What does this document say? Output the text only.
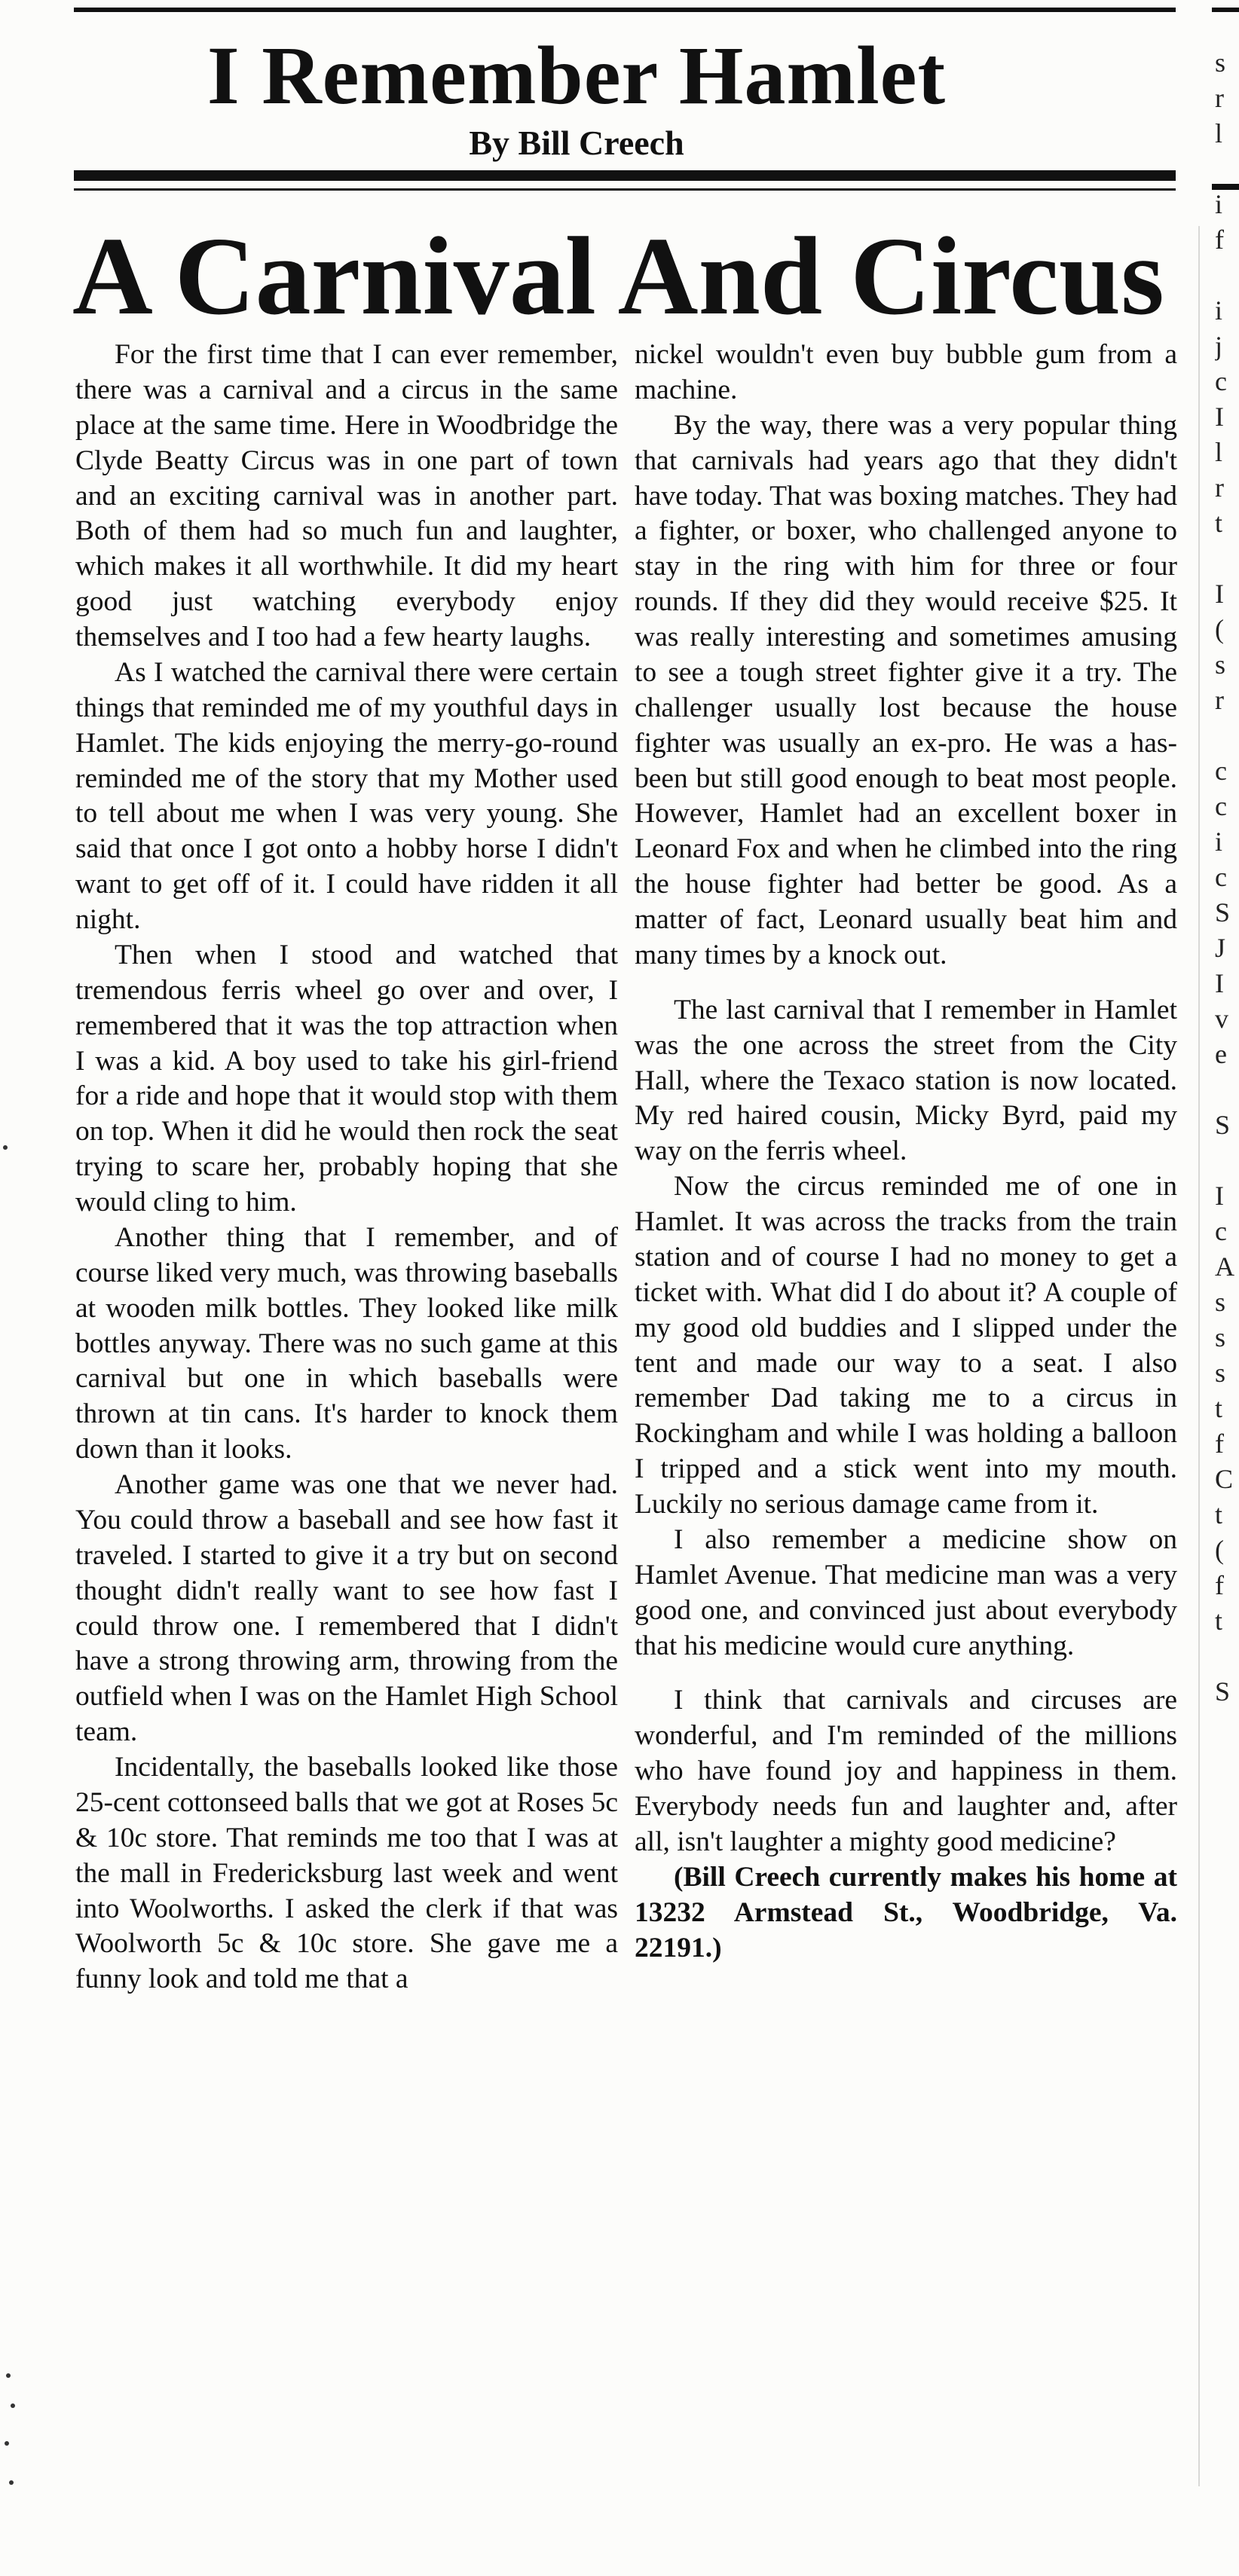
I Remember Hamlet
By Bill Creech
A Carnival And Circus

For the first time that I can ever remember, there was a carnival and a circus in the same place at the same time. Here in Woodbridge the Clyde Beatty Circus was in one part of town and an exciting carnival was in another part. Both of them had so much fun and laughter, which makes it all worthwhile. It did my heart good just watching everybody enjoy themselves and I too had a few hearty laughs.

As I watched the carnival there were certain things that reminded me of my youthful days in Hamlet. The kids enjoying the merry-go-round reminded me of the story that my Mother used to tell about me when I was very young. She said that once I got onto a hobby horse I didn't want to get off of it. I could have ridden it all night.

Then when I stood and watched that tremendous ferris wheel go over and over, I remembered that it was the top attraction when I was a kid. A boy used to take his girl-friend for a ride and hope that it would stop with them on top. When it did he would then rock the seat trying to scare her, probably hoping that she would cling to him.

Another thing that I remember, and of course liked very much, was throwing baseballs at wooden milk bottles. They looked like milk bottles anyway. There was no such game at this carnival but one in which baseballs were thrown at tin cans. It's harder to knock them down than it looks.

Another game was one that we never had. You could throw a baseball and see how fast it traveled. I started to give it a try but on second thought didn't really want to see how fast I could throw one. I remembered that I didn't have a strong throwing arm, throwing from the outfield when I was on the Hamlet High School team.

Incidentally, the baseballs looked like those 25-cent cottonseed balls that we got at Roses 5c & 10c store. That reminds me too that I was at the mall in Fredericksburg last week and went into Woolworths. I asked the clerk if that was Woolworth 5c & 10c store. She gave me a funny look and told me that a

nickel wouldn't even buy bubble gum from a machine.

By the way, there was a very popular thing that carnivals had years ago that they didn't have today. That was boxing matches. They had a fighter, or boxer, who challenged anyone to stay in the ring with him for three or four rounds. If they did they would receive $25. It was really interesting and sometimes amusing to see a tough street fighter give it a try. The challenger usually lost because the house fighter was usually an ex-pro. He was a has-been but still good enough to beat most people. However, Hamlet had an excellent boxer in Leonard Fox and when he climbed into the ring the house fighter had better be good. As a matter of fact, Leonard usually beat him and many times by a knock out.

The last carnival that I remember in Hamlet was the one across the street from the City Hall, where the Texaco station is now located. My red haired cousin, Micky Byrd, paid my way on the ferris wheel.

Now the circus reminded me of one in Hamlet. It was across the tracks from the train station and of course I had no money to get a ticket with. What did I do about it? A couple of my good old buddies and I slipped under the tent and made our way to a seat. I also remember Dad taking me to a circus in Rockingham and while I was holding a balloon I tripped and a stick went into my mouth. Luckily no serious damage came from it.

I also remember a medicine show on Hamlet Avenue. That medicine man was a very good one, and convinced just about everybody that his medicine would cure anything.

I think that carnivals and circuses are wonderful, and I'm reminded of the millions who have found joy and happiness in them. Everybody needs fun and laughter and, after all, isn't laughter a mighty good medicine?

(Bill Creech currently makes his home at 13232 Armstead St., Woodbridge, Va. 22191.)

s
r
l
i
f
i
j
c
I
l
r
t
I
(
s
r
c
c
i
c
S
J
I
v
e
S
I
c
A
s
s
s
t
f
C
t
(
f
t
S
